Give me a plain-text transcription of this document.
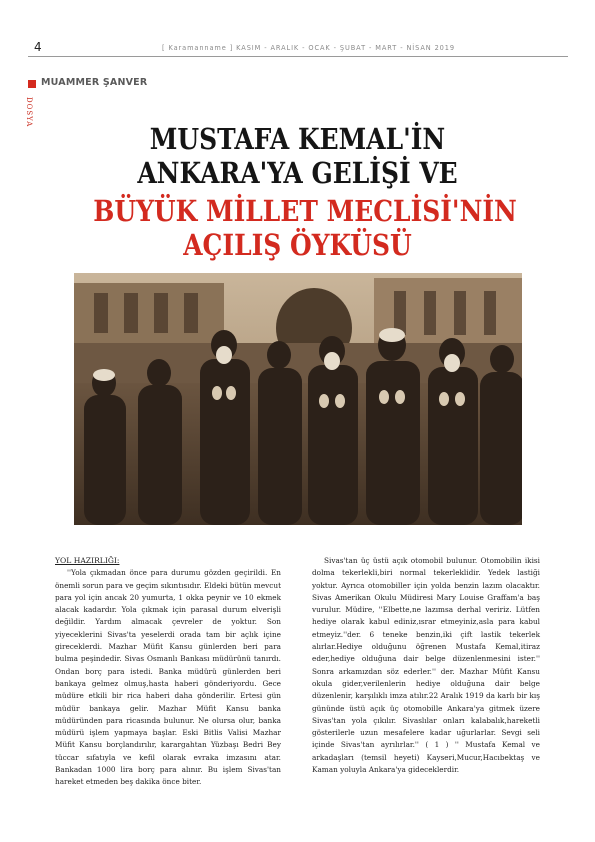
4	[ Karamanname ] KASIM - ARALIK - OCAK - ŞUBAT - MART - NİSAN 2019
MUAMMER ŞANVER
DOSYA
MUSTAFA KEMAL'İN
ANKARA'YA GELİŞİ VE
BÜYÜK MİLLET MECLİSİ'NİN
AÇILIŞ ÖYKÜSÜ

YOL HAZIRLIĞI:

''Yola çıkmadan önce para durumu gözden geçirildi. En önemli sorun para ve geçim sıkıntısıdır. Eldeki bütün mevcut para yol için ancak 20 yumurta, 1 okka peynir ve 10 ekmek alacak kadardır. Yola çıkmak için parasal durum elverişli değildir. Yardım almacak çevreler de yoktur. Son yiyeceklerini Sivas'ta yeselerdi orada tam bir açlık içine gireceklerdi. Mazhar Müfit Kansu günlerden beri para bulma peşindedir. Sivas Osmanlı Bankası müdürünü tanırdı. Ondan borç para istedi. Banka müdürü günlerden beri bankaya gelmez olmuş,hasta haberi gönderiyordu. Gece müdüre etkili bir rica haberi daha gönderilir. Ertesi gün müdür bankaya gelir. Mazhar Müfit Kansu banka müdüründen para ricasında bulunur. Ne olursa olur, banka müdürü işlem yapmaya başlar. Eski Bitlis Valisi Mazhar Müfit Kansu borçlandırılır, karargahtan Yüzbaşı Bedri Bey tüccar sıfatıyla ve kefil olarak evraka imzasını atar. Bankadan 1000 lira borç para alınır. Bu işlem Sivas'tan hareket etmeden beş dakika önce biter.

Sivas'tan üç üstü açık otomobil bulunur. Otomobilin ikisi dolma tekerlekli,biri normal tekerleklidir. Yedek lastiği yoktur. Ayrıca otomobiller için yolda benzin lazım olacaktır. Sivas Amerikan Okulu Müdiresi Mary Louise Graffam'a baş vurulur. Müdire, ''Elbette,ne lazımsa derhal veririz. Lütfen hediye olarak kabul ediniz,ısrar etmeyiniz,asla para kabul etmeyiz.''der. 6 teneke benzin,iki çift lastik tekerlek alırlar.Hediye olduğunu öğrenen Mustafa Kemal,itiraz eder,hediye olduğuna dair belge düzenlenmesini ister.'' Sonra arkamızdan söz ederler.'' der. Mazhar Müfit Kansu okula gider,verilenlerin hediye olduğuna dair belge düzenlenir, karşılıklı imza atılır.22 Aralık 1919 da karlı bir kış gününde üstü açık üç otomobille Ankara'ya gitmek üzere Sivas'tan yola çıkılır. Sivaslılar onları kalabalık,hareketli gösterilerle uzun mesafelere kadar uğurlarlar. Sevgi seli içinde Sivas'tan ayrılırlar.'' ( 1 ) '' Mustafa Kemal ve arkadaşları (temsil heyeti) Kayseri,Mucur,Hacıbektaş ve Kaman yoluyla Ankara'ya gideceklerdir.
